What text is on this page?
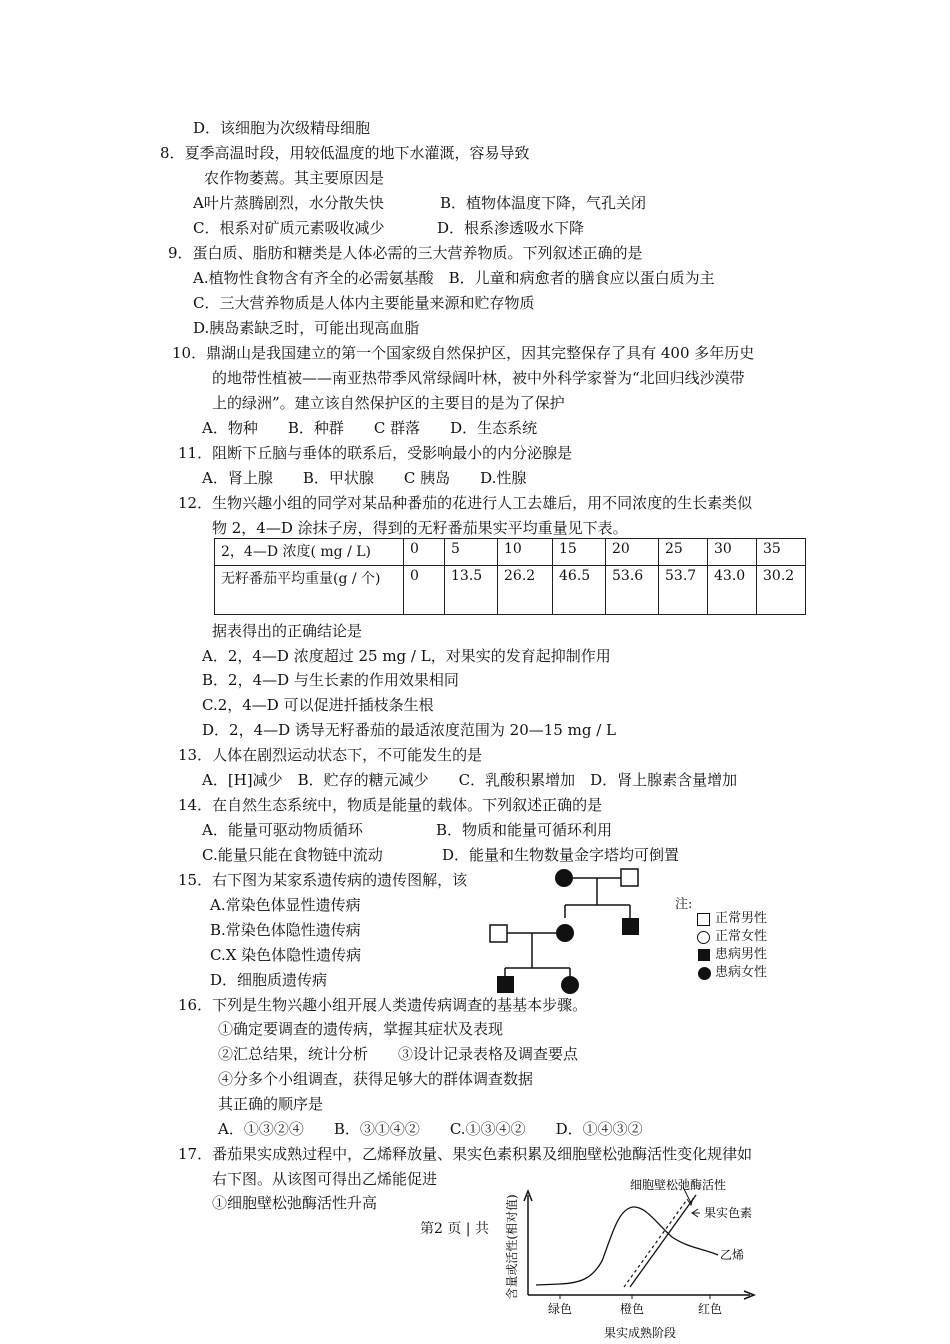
D．该细胞为次级精母细胞
8．夏季高温时段，用较低温度的地下水灌溉，容易导致
农作物萎蔫。其主要原因是
A叶片蒸腾剧烈，水分散失快	B．植物体温度下降，气孔关闭
C．根系对矿质元素吸收减少	D．根系渗透吸水下降
9．蛋白质、脂肪和糖类是人体必需的三大营养物质。下列叙述正确的是
A.植物性食物含有齐全的必需氨基酸　B．儿童和病愈者的膳食应以蛋白质为主
C．三大营养物质是人体内主要能量来源和贮存物质
D.胰岛素缺乏时，可能出现高血脂
10．鼎湖山是我国建立的第一个国家级自然保护区，因其完整保存了具有 400 多年历史
的地带性植被——南亚热带季风常绿阔叶林，被中外科学家誉为“北回归线沙漠带
上的绿洲”。建立该自然保护区的主要目的是为了保护
A．物种　　B．种群　　C 群落　　D．生态系统
11．阻断下丘脑与垂体的联系后，受影响最小的内分泌腺是
A．肾上腺　　B．甲状腺　　C 胰岛　　D.性腺
12．生物兴趣小组的同学对某品种番茄的花进行人工去雄后，用不同浓度的生长素类似
物 2，4—D 涂抹子房，得到的无籽番茄果实平均重量见下表。
2，4—D 浓度( mg / L)	0	5	10	15	20	25	30	35
无籽番茄平均重量(g / 个)	0	13.5	26.2	46.5	53.6	53.7	43.0	30.2
据表得出的正确结论是
A．2，4—D 浓度超过 25 mg / L，对果实的发育起抑制作用
B．2，4—D 与生长素的作用效果相同
C.2，4—D 可以促进扦插枝条生根
D．2，4—D 诱导无籽番茄的最适浓度范围为 20—15 mg / L
13．人体在剧烈运动状态下，不可能发生的是
A．[H]减少　B．贮存的糖元减少　　C．乳酸积累增加　D．肾上腺素含量增加
14．在自然生态系统中，物质是能量的载体。下列叙述正确的是
A．能量可驱动物质循环	B．物质和能量可循环利用
C.能量只能在食物链中流动	D．能量和生物数量金字塔均可倒置
15．右下图为某家系遗传病的遗传图解，该
A.常染色体显性遗传病
B.常染色体隐性遗传病
C.X 染色体隐性遗传病
D．细胞质遗传病
注:
正常男性
正常女性
患病男性
患病女性
16．下列是生物兴趣小组开展人类遗传病调查的基基本步骤。
①确定要调查的遗传病，掌握其症状及表现
②汇总结果，统计分析　　③设计记录表格及调查要点
④分多个小组调查，获得足够大的群体调查数据
其正确的顺序是
A．①③②④　　B．③①④②　　C.①③④②　　D．①④③②
17．番茄果实成熟过程中，乙烯释放量、果实色素积累及细胞壁松弛酶活性变化规律如
右下图。从该图可得出乙烯能促进
①细胞壁松弛酶活性升高
第2 页 | 共
绿色	橙色	红色
果实成熟阶段
含量或活性(相对值)
细胞壁松弛酶活性
果实色素
乙烯
